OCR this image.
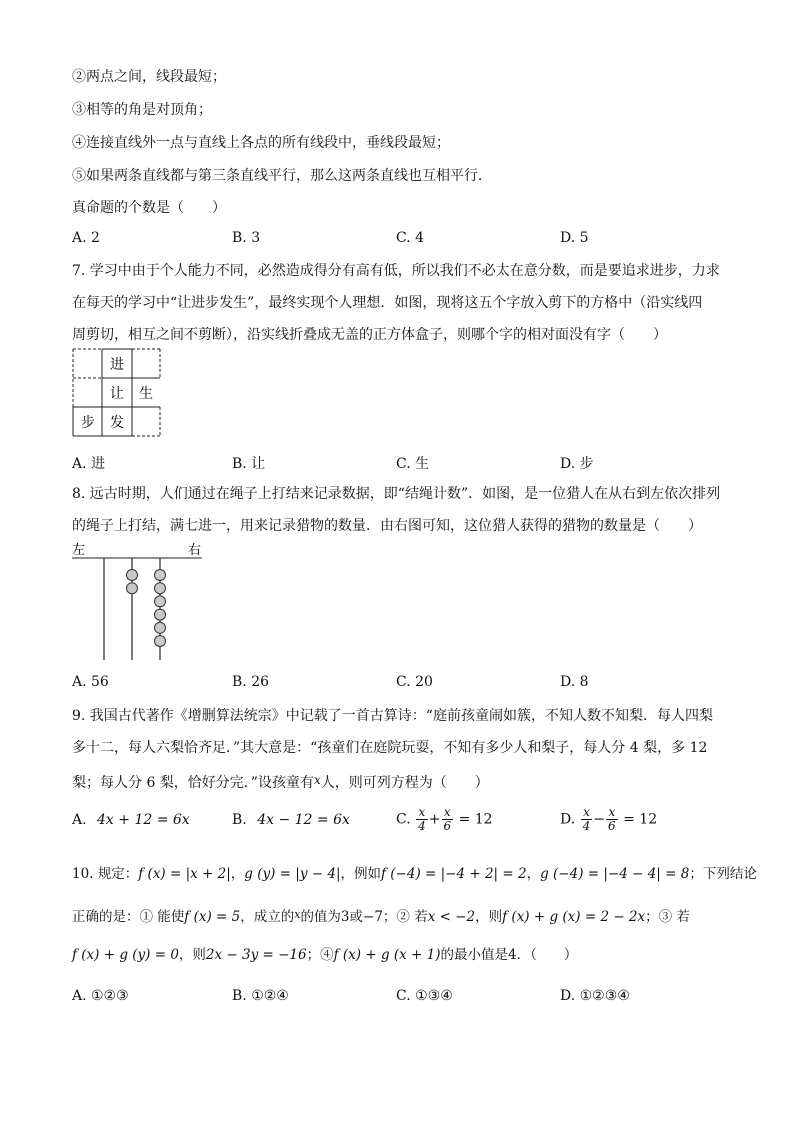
②两点之间，线段最短；
③相等的角是对顶角；
④连接直线外一点与直线上各点的所有线段中，垂线段最短；
⑤如果两条直线都与第三条直线平行，那么这两条直线也互相平行．
真命题的个数是（　　）
A. 2	B. 3	C. 4	D. 5
7. 学习中由于个人能力不同，必然造成得分有高有低，所以我们不必太在意分数，而是要追求进步，力求
在每天的学习中“让进步发生”，最终实现个人理想．如图，现将这五个字放入剪下的方格中（沿实线四
周剪切，相互之间不剪断），沿实线折叠成无盖的正方体盒子，则哪个字的相对面没有字（　　）
进
让 生
步 发
A. 进	B. 让	C. 生	D. 步
8. 远古时期，人们通过在绳子上打结来记录数据，即“结绳计数”．如图，是一位猎人在从右到左依次排列
的绳子上打结，满七进一，用来记录猎物的数量．由右图可知，这位猎人获得的猎物的数量是（　　）
左	右
A. 56	B. 26	C. 20	D. 8
9. 我国古代著作《增删算法统宗》中记载了一首古算诗：“庭前孩童闹如簇，不知人数不知梨．每人四梨
多十二，每人六梨恰齐足．”其大意是：“孩童们在庭院玩耍，不知有多少人和梨子，每人分 4 梨，多 12
梨；每人分 6 梨，恰好分完．”设孩童有x人，则可列方程为（　　）
A. 4x + 12 = 6x	B. 4x − 12 = 6x	C. $\frac{x}{4} + \frac{x}{6} = 12$	D. $\frac{x}{4} - \frac{x}{6} = 12$
10. 规定：f (x) = |x + 2|，g (y) = |y − 4|，例如f (−4) = |−4 + 2| = 2，g (−4) = |−4 − 4| = 8；下列结论
正确的是：① 能使f (x) = 5，成立的$^x$的值为3或−7；② 若x < −2，则f (x) + g (x) = 2 − 2x；③ 若
f (x) + g (y) = 0，则2x − 3y = −16；④f (x) + g (x + 1)的最小值是4．（　　）
A. ①②③	B. ①②④	C. ①③④	D. ①②③④
